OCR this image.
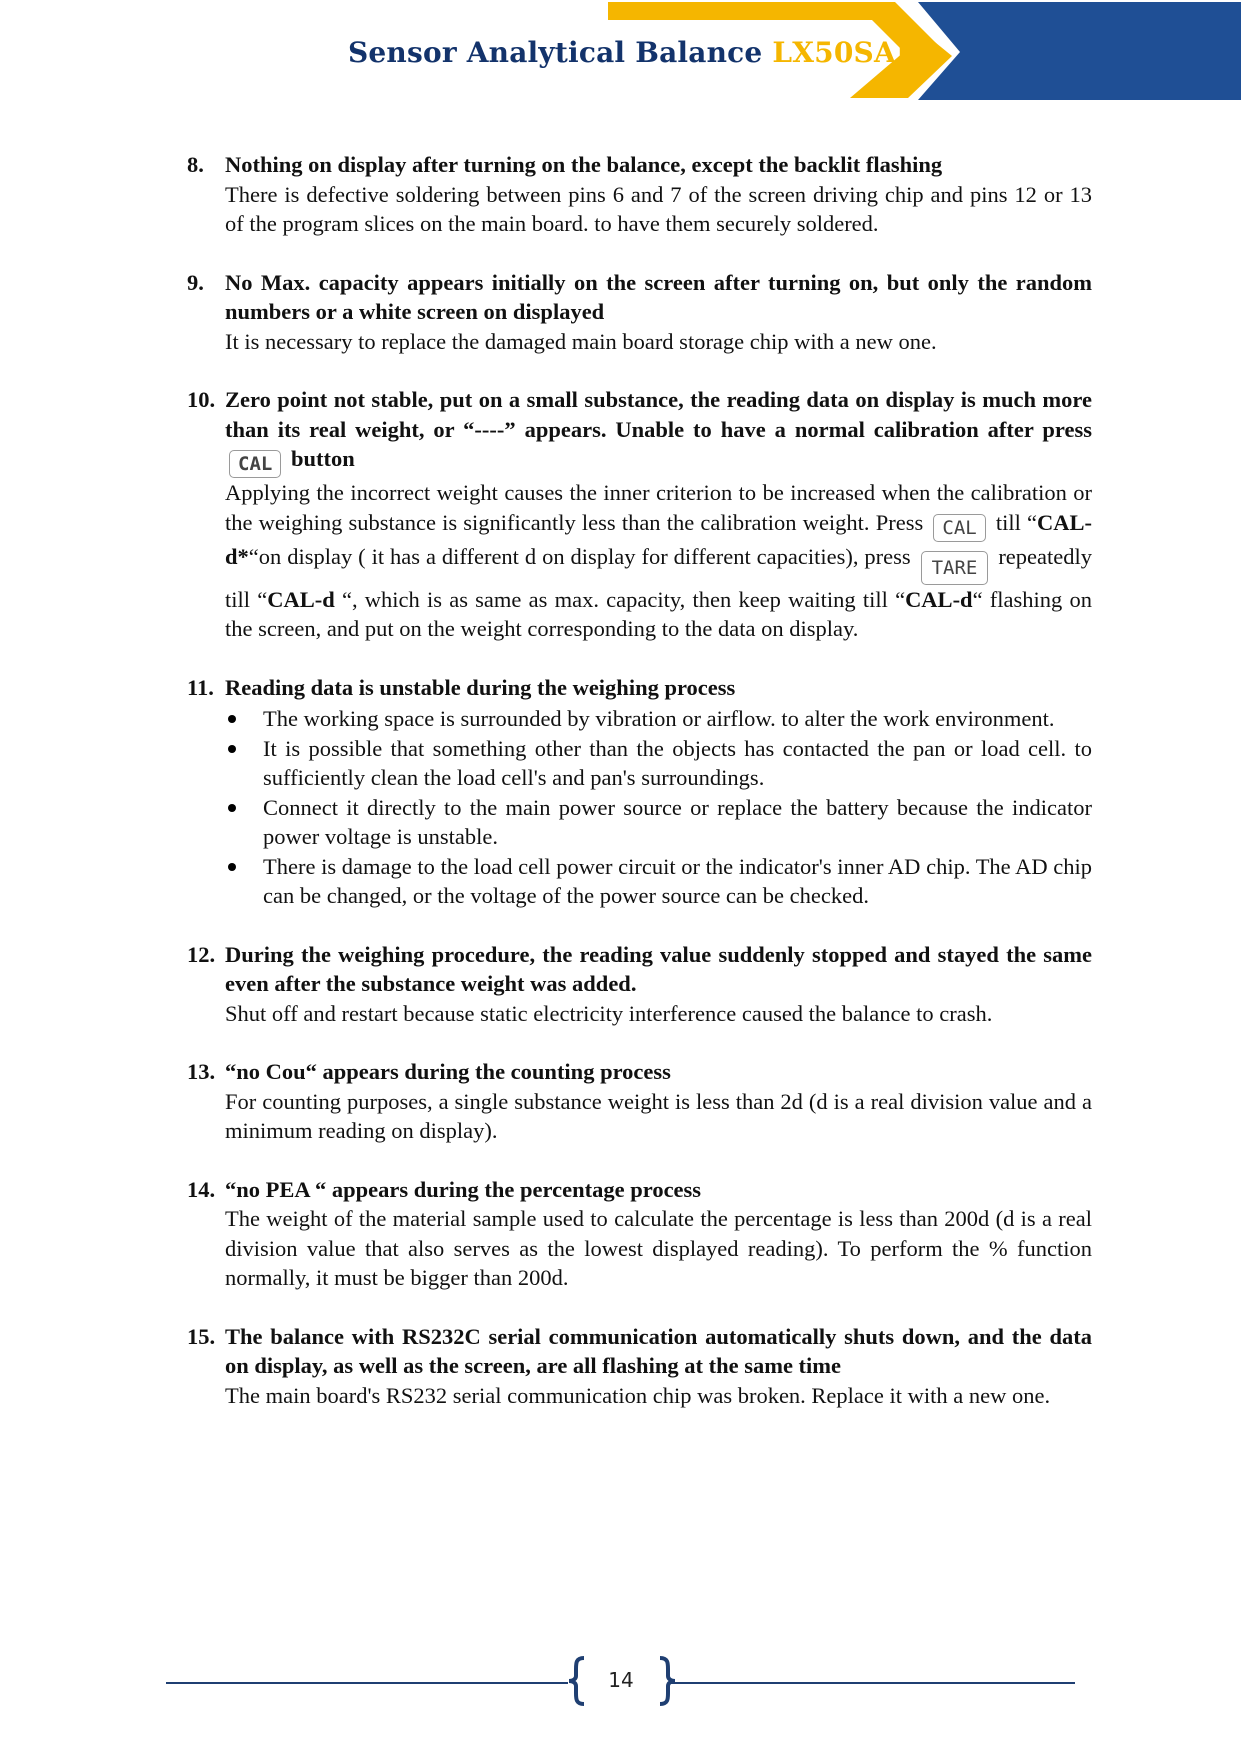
Sensor Analytical Balance LX50SAB
8. Nothing on display after turning on the balance, except the backlit flashing
There is defective soldering between pins 6 and 7 of the screen driving chip and pins 12 or 13 of the program slices on the main board. to have them securely soldered.
9. No Max. capacity appears initially on the screen after turning on, but only the random numbers or a white screen on displayed
It is necessary to replace the damaged main board storage chip with a new one.
10. Zero point not stable, put on a small substance, the reading data on display is much more than its real weight, or “----” appears. Unable to have a normal calibration after press CAL button
Applying the incorrect weight causes the inner criterion to be increased when the calibration or the weighing substance is significantly less than the calibration weight. Press CAL till “CAL-d*“on display ( it has a different d on display for different capacities), press TARE repeatedly till “CAL-d “, which is as same as max. capacity, then keep waiting till “CAL-d“ flashing on the screen, and put on the weight corresponding to the data on display.
11. Reading data is unstable during the weighing process
The working space is surrounded by vibration or airflow. to alter the work environment.
It is possible that something other than the objects has contacted the pan or load cell. to sufficiently clean the load cell's and pan's surroundings.
Connect it directly to the main power source or replace the battery because the indicator power voltage is unstable.
There is damage to the load cell power circuit or the indicator's inner AD chip. The AD chip can be changed, or the voltage of the power source can be checked.
12. During the weighing procedure, the reading value suddenly stopped and stayed the same even after the substance weight was added.
Shut off and restart because static electricity interference caused the balance to crash.
13. “no Cou“ appears during the counting process
For counting purposes, a single substance weight is less than 2d (d is a real division value and a minimum reading on display).
14. “no PEA “ appears during the percentage process
The weight of the material sample used to calculate the percentage is less than 200d (d is a real division value that also serves as the lowest displayed reading). To perform the % function normally, it must be bigger than 200d.
15. The balance with RS232C serial communication automatically shuts down, and the data on display, as well as the screen, are all flashing at the same time
The main board's RS232 serial communication chip was broken. Replace it with a new one.
14
